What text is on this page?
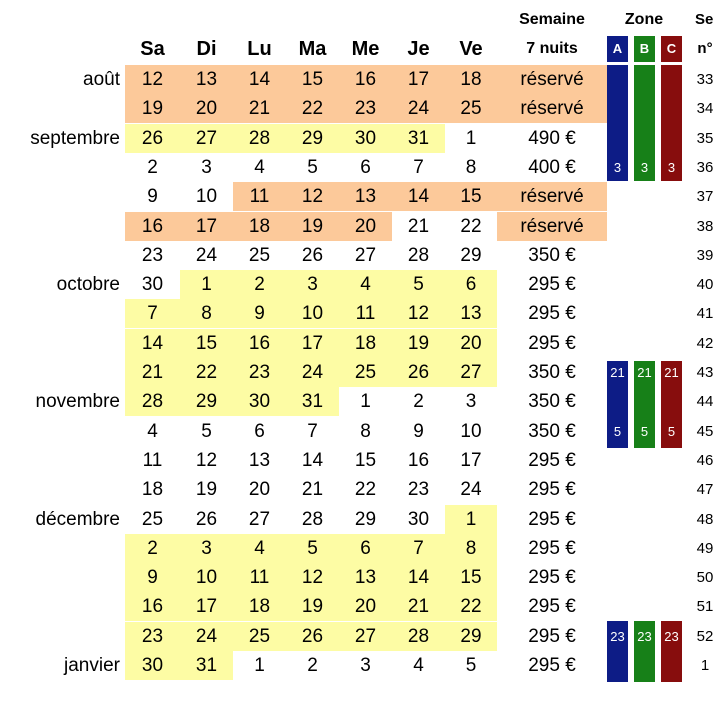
Semaine	Zone	Se
Sa	Di	Lu	Ma	Me	Je	Ve	7 nuits	A	B	C	n°
août	12	13	14	15	16	17	18	réservé	33
19	20	21	22	23	24	25	réservé	34
septembre	26	27	28	29	30	31	1	490 €	35
2	3	4	5	6	7	8	400 €	3	3	3	36
9	10	11	12	13	14	15	réservé	37
16	17	18	19	20	21	22	réservé	38
23	24	25	26	27	28	29	350 €	39
octobre	30	1	2	3	4	5	6	295 €	40
7	8	9	10	11	12	13	295 €	41
14	15	16	17	18	19	20	295 €	42
21	22	23	24	25	26	27	350 €	21 21 21	43
novembre	28	29	30	31	1	2	3	350 €	44
4	5	6	7	8	9	10	350 €	5	5	5	45
11	12	13	14	15	16	17	295 €	46
18	19	20	21	22	23	24	295 €	47
décembre	25	26	27	28	29	30	1	295 €	48
2	3	4	5	6	7	8	295 €	49
9	10	11	12	13	14	15	295 €	50
16	17	18	19	20	21	22	295 €	51
23	24	25	26	27	28	29	295 €	23 23 23	52
janvier	30	31	1	2	3	4	5	295 €	1
